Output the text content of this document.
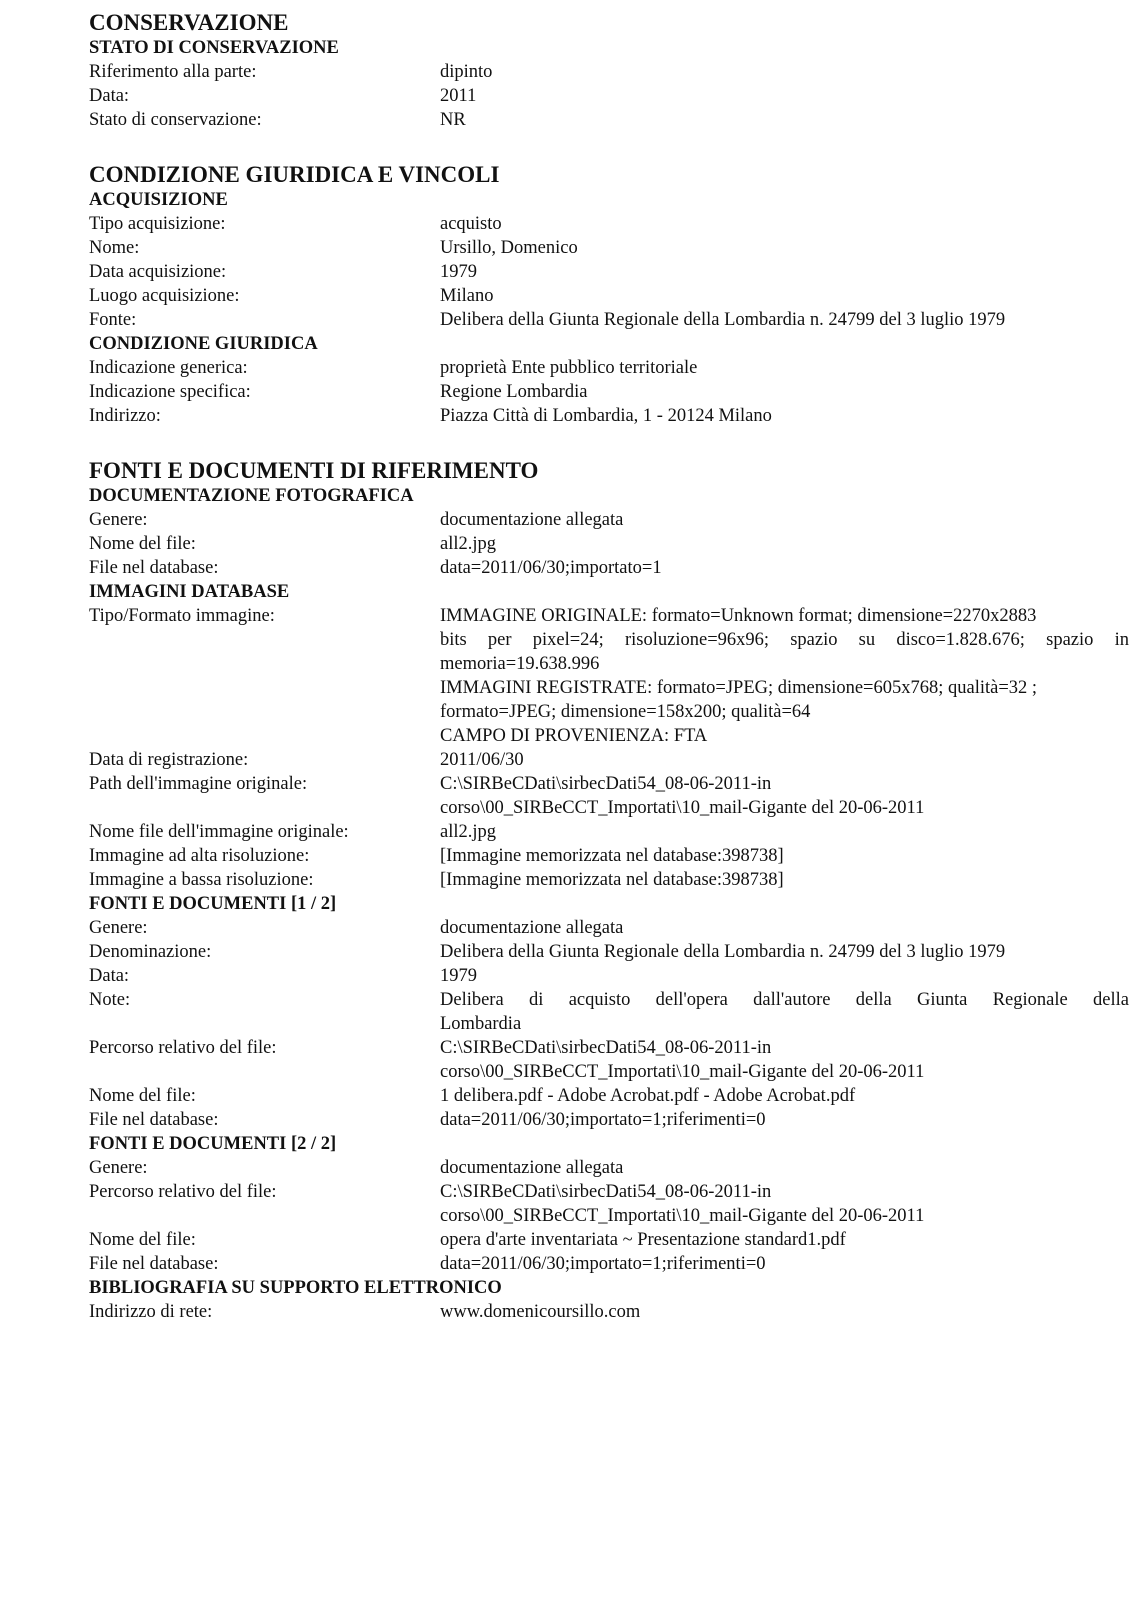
CONSERVAZIONE
STATO DI CONSERVAZIONE
Riferimento alla parte:	dipinto
Data:	2011
Stato di conservazione:	NR
CONDIZIONE GIURIDICA E VINCOLI
ACQUISIZIONE
Tipo acquisizione:	acquisto
Nome:	Ursillo, Domenico
Data acquisizione:	1979
Luogo acquisizione:	Milano
Fonte:	Delibera della Giunta Regionale della Lombardia n. 24799 del 3 luglio 1979
CONDIZIONE GIURIDICA
Indicazione generica:	proprietà Ente pubblico territoriale
Indicazione specifica:	Regione Lombardia
Indirizzo:	Piazza Città di Lombardia, 1 - 20124 Milano
FONTI E DOCUMENTI DI RIFERIMENTO
DOCUMENTAZIONE FOTOGRAFICA
Genere:	documentazione allegata
Nome del file:	all2.jpg
File nel database:	data=2011/06/30;importato=1
IMMAGINI DATABASE
Tipo/Formato immagine:	IMMAGINE ORIGINALE: formato=Unknown format; dimensione=2270x2883
bits per pixel=24; risoluzione=96x96; spazio su disco=1.828.676; spazio in
memoria=19.638.996
IMMAGINI REGISTRATE: formato=JPEG; dimensione=605x768; qualità=32 ;
formato=JPEG; dimensione=158x200; qualità=64
CAMPO DI PROVENIENZA: FTA
Data di registrazione:	2011/06/30
Path dell'immagine originale:	C:\SIRBeCDati\sirbecDati54_08-06-2011-in
corso\00_SIRBeCCT_Importati\10_mail-Gigante del 20-06-2011
Nome file dell'immagine originale:	all2.jpg
Immagine ad alta risoluzione:	[Immagine memorizzata nel database:398738]
Immagine a bassa risoluzione:	[Immagine memorizzata nel database:398738]
FONTI E DOCUMENTI [1 / 2]
Genere:	documentazione allegata
Denominazione:	Delibera della Giunta Regionale della Lombardia n. 24799 del 3 luglio 1979
Data:	1979
Note:	Delibera di acquisto dell'opera dall'autore della Giunta Regionale della
Lombardia
Percorso relativo del file:	C:\SIRBeCDati\sirbecDati54_08-06-2011-in
corso\00_SIRBeCCT_Importati\10_mail-Gigante del 20-06-2011
Nome del file:	1 delibera.pdf - Adobe Acrobat.pdf - Adobe Acrobat.pdf
File nel database:	data=2011/06/30;importato=1;riferimenti=0
FONTI E DOCUMENTI [2 / 2]
Genere:	documentazione allegata
Percorso relativo del file:	C:\SIRBeCDati\sirbecDati54_08-06-2011-in
corso\00_SIRBeCCT_Importati\10_mail-Gigante del 20-06-2011
Nome del file:	opera d'arte inventariata ~ Presentazione standard1.pdf
File nel database:	data=2011/06/30;importato=1;riferimenti=0
BIBLIOGRAFIA SU SUPPORTO ELETTRONICO
Indirizzo di rete:	www.domenicoursillo.com
